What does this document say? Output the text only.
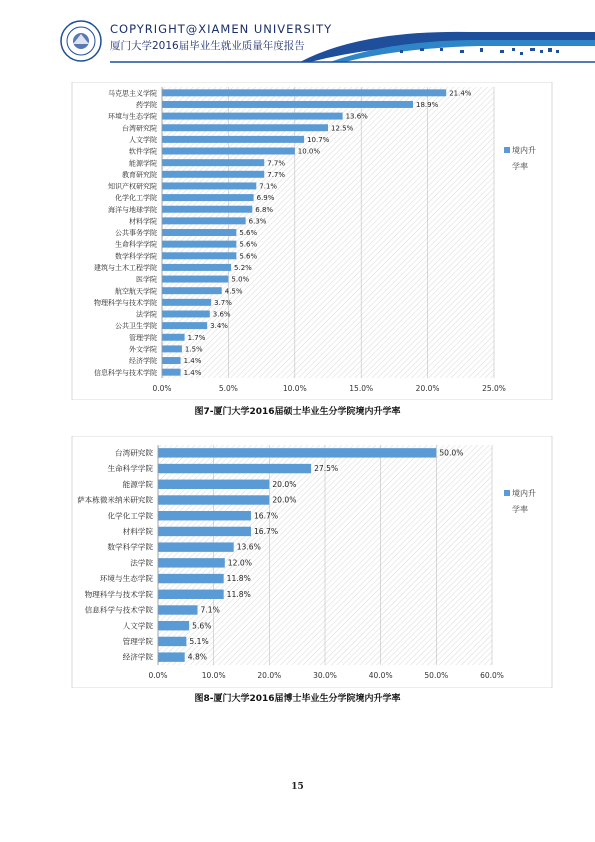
COPYRIGHT@XIAMEN UNIVERSITY
厦门大学2016届毕业生就业质量年度报告
0.0%	5.0%	10.0%	15.0%	20.0%	25.0%
马克思主义学院	21.4%
药学院	18.9%
环境与生态学院	13.6%
台湾研究院	12.5%
人文学院	10.7%
软件学院	10.0%
能源学院	7.7%
教育研究院	7.7%
知识产权研究院	7.1%
化学化工学院	6.9%
海洋与地球学院	6.8%
材料学院	6.3%
公共事务学院	5.6%
生命科学学院	5.6%
数学科学学院	5.6%
建筑与土木工程学院	5.2%
医学院	5.0%
航空航天学院	4.5%
物理科学与技术学院	3.7%
法学院	3.6%
公共卫生学院	3.4%
管理学院	1.7%
外文学院	1.5%
经济学院	1.4%
信息科学与技术学院	1.4%
境内升
学率
图7-厦门大学2016届硕士毕业生分学院境内升学率
0.0%	10.0%	20.0%	30.0%	40.0%	50.0%	60.0%
台湾研究院	50.0%
生命科学学院	27.5%
能源学院	20.0%
萨本栋微米纳米研究院	20.0%
化学化工学院	16.7%
材料学院	16.7%
数学科学学院	13.6%
法学院	12.0%
环境与生态学院	11.8%
物理科学与技术学院	11.8%
信息科学与技术学院	7.1%
人文学院	5.6%
管理学院	5.1%
经济学院	4.8%
境内升
学率
图8-厦门大学2016届博士毕业生分学院境内升学率
15
